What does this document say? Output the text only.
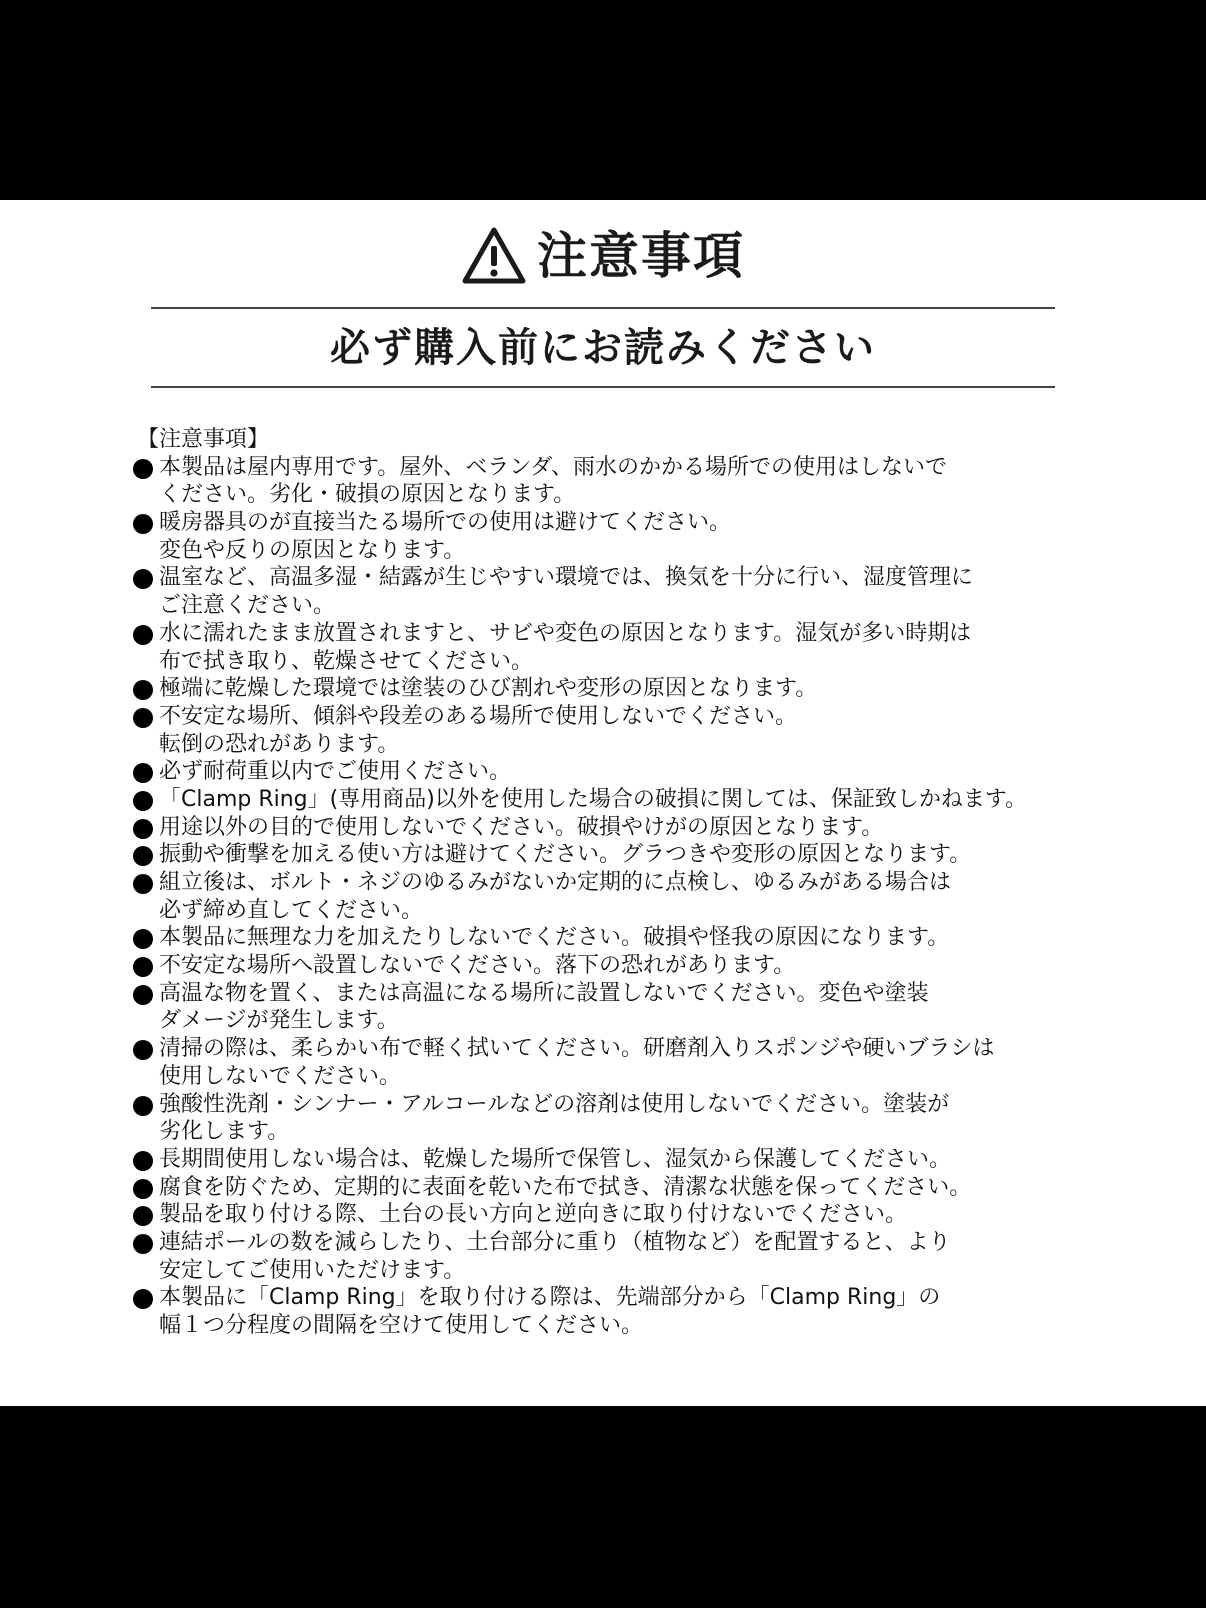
注意事項
必ず購入前にお読みください
【注意事項】
本製品は屋内専用です。屋外、ベランダ、雨水のかかる場所での使用はしないで
ください。劣化・破損の原因となります。
暖房器具のが直接当たる場所での使用は避けてください。
変色や反りの原因となります。
温室など、高温多湿・結露が生じやすい環境では、換気を十分に行い、湿度管理に
ご注意ください。
水に濡れたまま放置されますと、サビや変色の原因となります。湿気が多い時期は
布で拭き取り、乾燥させてください。
極端に乾燥した環境では塗装のひび割れや変形の原因となります。
不安定な場所、傾斜や段差のある場所で使用しないでください。
転倒の恐れがあります。
必ず耐荷重以内でご使用ください。
「Clamp Ring」(専用商品)以外を使用した場合の破損に関しては、保証致しかねます。
用途以外の目的で使用しないでください。破損やけがの原因となります。
振動や衝撃を加える使い方は避けてください。グラつきや変形の原因となります。
組立後は、ボルト・ネジのゆるみがないか定期的に点検し、ゆるみがある場合は
必ず締め直してください。
本製品に無理な力を加えたりしないでください。破損や怪我の原因になります。
不安定な場所へ設置しないでください。落下の恐れがあります。
高温な物を置く、または高温になる場所に設置しないでください。変色や塗装
ダメージが発生します。
清掃の際は、柔らかい布で軽く拭いてください。研磨剤入りスポンジや硬いブラシは
使用しないでください。
強酸性洗剤・シンナー・アルコールなどの溶剤は使用しないでください。塗装が
劣化します。
長期間使用しない場合は、乾燥した場所で保管し、湿気から保護してください。
腐食を防ぐため、定期的に表面を乾いた布で拭き、清潔な状態を保ってください。
製品を取り付ける際、土台の長い方向と逆向きに取り付けないでください。
連結ポールの数を減らしたり、土台部分に重り（植物など）を配置すると、より
安定してご使用いただけます。
本製品に「Clamp Ring」を取り付ける際は、先端部分から「Clamp Ring」の
幅１つ分程度の間隔を空けて使用してください。
